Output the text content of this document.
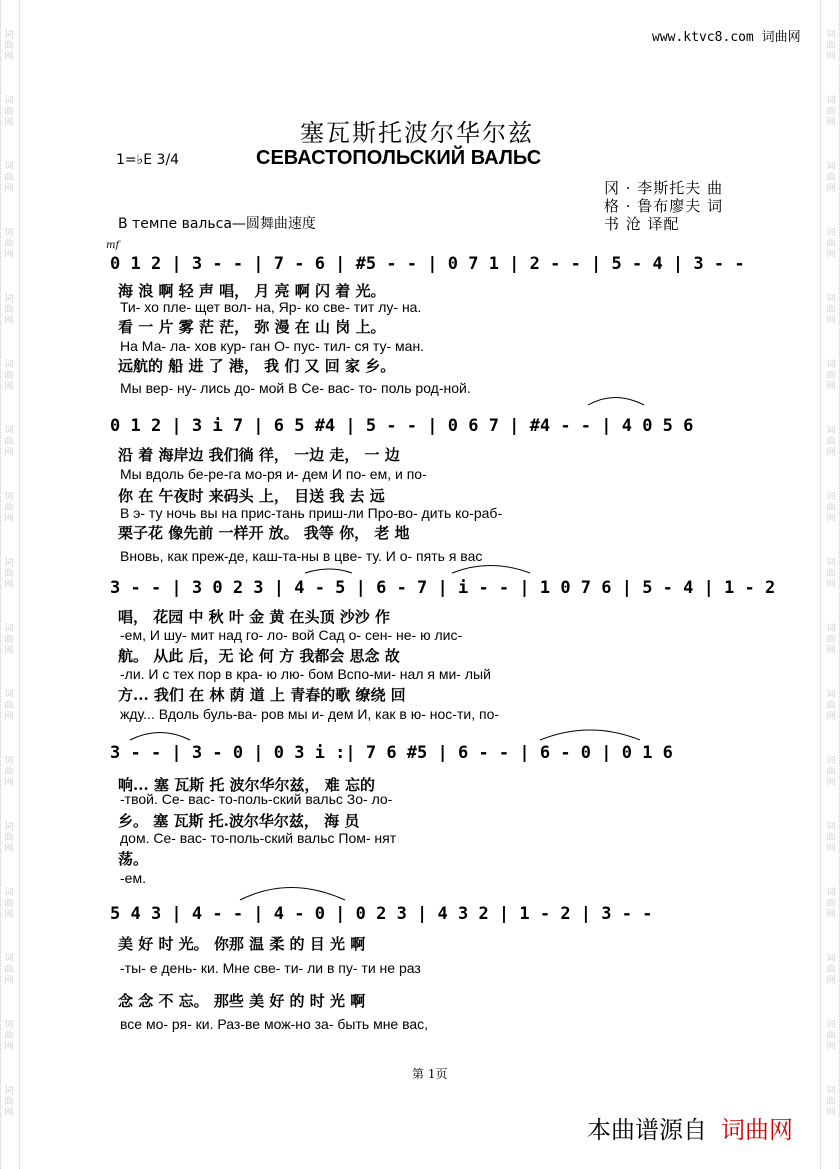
www.ktvc8.com 词曲网
塞瓦斯托波尔华尔兹
СЕВАСТОПОЛЬСКИЙ ВАЛЬС
1=♭E 3/4
冈 · 李斯托夫 曲
格 · 鲁布廖夫 词
书 沧 译配
В темпе вальса—圆舞曲速度
mf
0 1 2 | 3 - - | 7 - 6 | #5 - - | 0 7 1 | 2 - - | 5 - 4 | 3 - -
海 浪 啊 轻 声 唱， 月 亮 啊 闪 着 光。
Ти- хо пле- щет вол- на, Яр- ко све- тит лу- на.
看 一 片 雾 茫 茫， 弥 漫 在 山 岗 上。
На Ма- ла- хов кур- ган О- пус- тил- ся ту- ман.
远航的 船 进 了 港， 我 们 又 回 家 乡。
Мы вер- ну- лись до- мой В Се- вас- то- поль род-ной.
0 1 2 | 3 i 7 | 6 5 #4 | 5 - - | 0 6 7 | #4 - - | 4 0 5 6
沿 着 海岸边 我们徜 徉， 一边 走， 一 边
Мы вдоль бе-ре-га мо-ря и- дем И по- ем, и по-
你 在 午夜时 来码头 上， 目送 我 去 远
В э- ту ночь вы на прис-тань приш-ли Про-во- дить ко-раб-
栗子花 像先前 一样开 放。 我等 你， 老 地
Вновь, как преж-де, каш-та-ны в цве- ту. И о- пять я вас
3 - - | 3 0 2 3 | 4 - 5 | 6 - 7 | i - - | 1 0 7 6 | 5 - 4 | 1 - 2
唱， 花园 中 秋 叶 金 黄 在头顶 沙沙 作
-ем, И шу- мит над го- ло- вой Сад о- сен- не- ю лис-
航。 从此 后，无 论 何 方 我都会 思念 故
-ли. И с тех пор в кра- ю лю- бом Вспо-ми- нал я ми- лый
方... 我们 在 林 荫 道 上 青春的歌 缭绕 回
жду... Вдоль буль-ва- ров мы и- дем И, как в ю- нос-ти, по-
3 - - | 3 - 0 | 0 3 i :| 7 6 #5 | 6 - - | 6 - 0 | 0 1 6
响... 塞 瓦斯 托 波尔华尔兹， 难 忘的
-твой. Се- вас- то-поль-ский вальс Зо- ло-
乡。 塞 瓦斯 托.波尔华尔兹， 海 员
дом. Се- вас- то-поль-ский вальс Пом- нят
荡。
-ем.
5 4 3 | 4 - - | 4 - 0 | 0 2 3 | 4 3 2 | 1 - 2 | 3 - -
美 好 时 光。 你那 温 柔 的 目 光 啊
-ты- е день- ки. Мне све- ти- ли в пу- ти не раз
念 念 不 忘。 那些 美 好 的 时 光 啊
все мо- ря- ки. Раз-ве мож-но за- быть мне вас,
第 1页
本曲谱源自 词曲网
词曲网
词曲网
词曲网
词曲网
词曲网
词曲网
词曲网
词曲网
词曲网
词曲网
词曲网
词曲网
词曲网
词曲网
词曲网
词曲网
词曲网
词曲网
词曲网
词曲网
词曲网
词曲网
词曲网
词曲网
词曲网
词曲网
词曲网
词曲网
词曲网
词曲网
词曲网
词曲网
词曲网
词曲网
